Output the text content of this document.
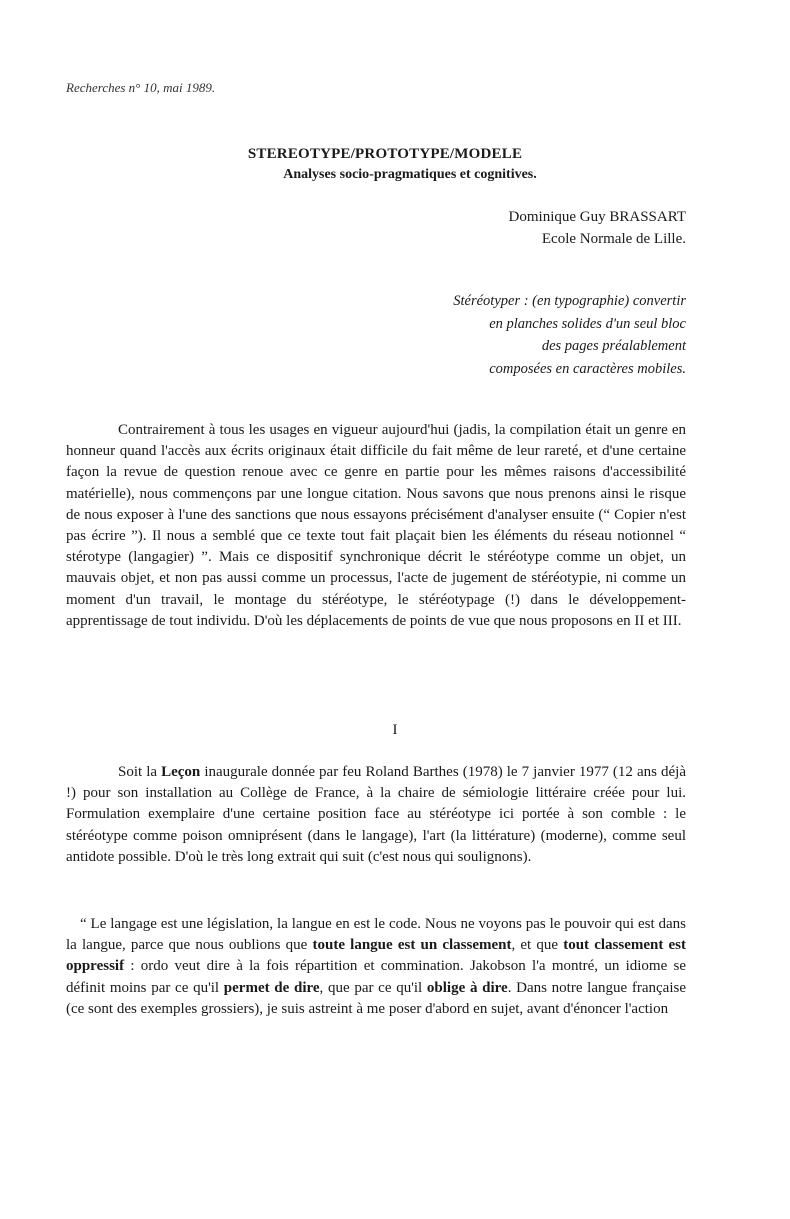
Recherches n° 10, mai 1989.
STEREOTYPE/PROTOTYPE/MODELE
Analyses socio-pragmatiques et cognitives.
Dominique Guy BRASSART
Ecole Normale de Lille.
Stéréotyper : (en typographie) convertir
en planches solides d'un seul bloc
des pages préalablement
composées en caractères mobiles.

Contrairement à tous les usages en vigueur aujourd'hui (jadis, la compilation était un genre en honneur quand l'accès aux écrits originaux était difficile du fait même de leur rareté, et d'une certaine façon la revue de question renoue avec ce genre en partie pour les mêmes raisons d'accessibilité matérielle), nous commençons par une longue citation. Nous savons que nous prenons ainsi le risque de nous exposer à l'une des sanctions que nous essayons précisément d'analyser ensuite (“ Copier n'est pas écrire ”). Il nous a semblé que ce texte tout fait plaçait bien les éléments du réseau notionnel “ stérotype (langagier) ”. Mais ce dispositif synchronique décrit le stéréotype comme un objet, un mauvais objet, et non pas aussi comme un processus, l'acte de jugement de stéréotypie, ni comme un moment d'un travail, le montage du stéréotype, le stéréotypage (!) dans le développement-apprentissage de tout individu. D'où les déplacements de points de vue que nous proposons en II et III.

I

Soit la Leçon inaugurale donnée par feu Roland Barthes (1978) le 7 janvier 1977 (12 ans déjà !) pour son installation au Collège de France, à la chaire de sémiologie littéraire créée pour lui. Formulation exemplaire d'une certaine position face au stéréotype ici portée à son comble : le stéréotype comme poison omniprésent (dans le langage), l'art (la littérature) (moderne), comme seul antidote possible. D'où le très long extrait qui suit (c'est nous qui soulignons).

“ Le langage est une législation, la langue en est le code. Nous ne voyons pas le pouvoir qui est dans la langue, parce que nous oublions que toute langue est un classement, et que tout classement est oppressif : ordo veut dire à la fois répartition et commination. Jakobson l'a montré, un idiome se définit moins par ce qu'il permet de dire, que par ce qu'il oblige à dire. Dans notre langue française (ce sont des exemples grossiers), je suis astreint à me poser d'abord en sujet, avant d'énoncer l'action
